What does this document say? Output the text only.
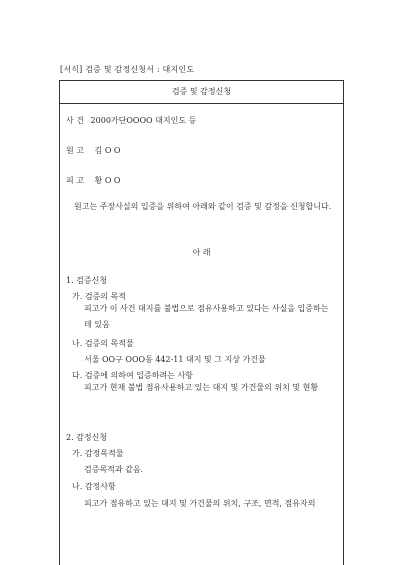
[서식] 검증 및 감정신청서 : 대지인도
검증 및 감정신청
사 건 2000가단OOOO 대지인도 등
원 고 김 O O
피 고 황 O O
원고는 주장사실의 입증을 위하여 아래와 같이 검증 및 감정을 신청합니다.
아 래
1. 검증신청
가. 검증의 목적
피고가 이 사건 대지를 불법으로 점유사용하고 있다는 사실을 입증하는데 있음
나. 검증의 목적물
서울 OO구 OOO동 442-11 대지 및 그 지상 가건물
다. 검증에 의하여 입증하려는 사항
피고가 현재 불법 점유사용하고 있는 대지 및 가건물의 위치 및 현황
2. 감정신청
가. 감정목적물
검증목적과 같음.
나. 감정사항
피고가 점유하고 있는 대지 및 가건물의 위치, 구조, 면적, 점유자의
